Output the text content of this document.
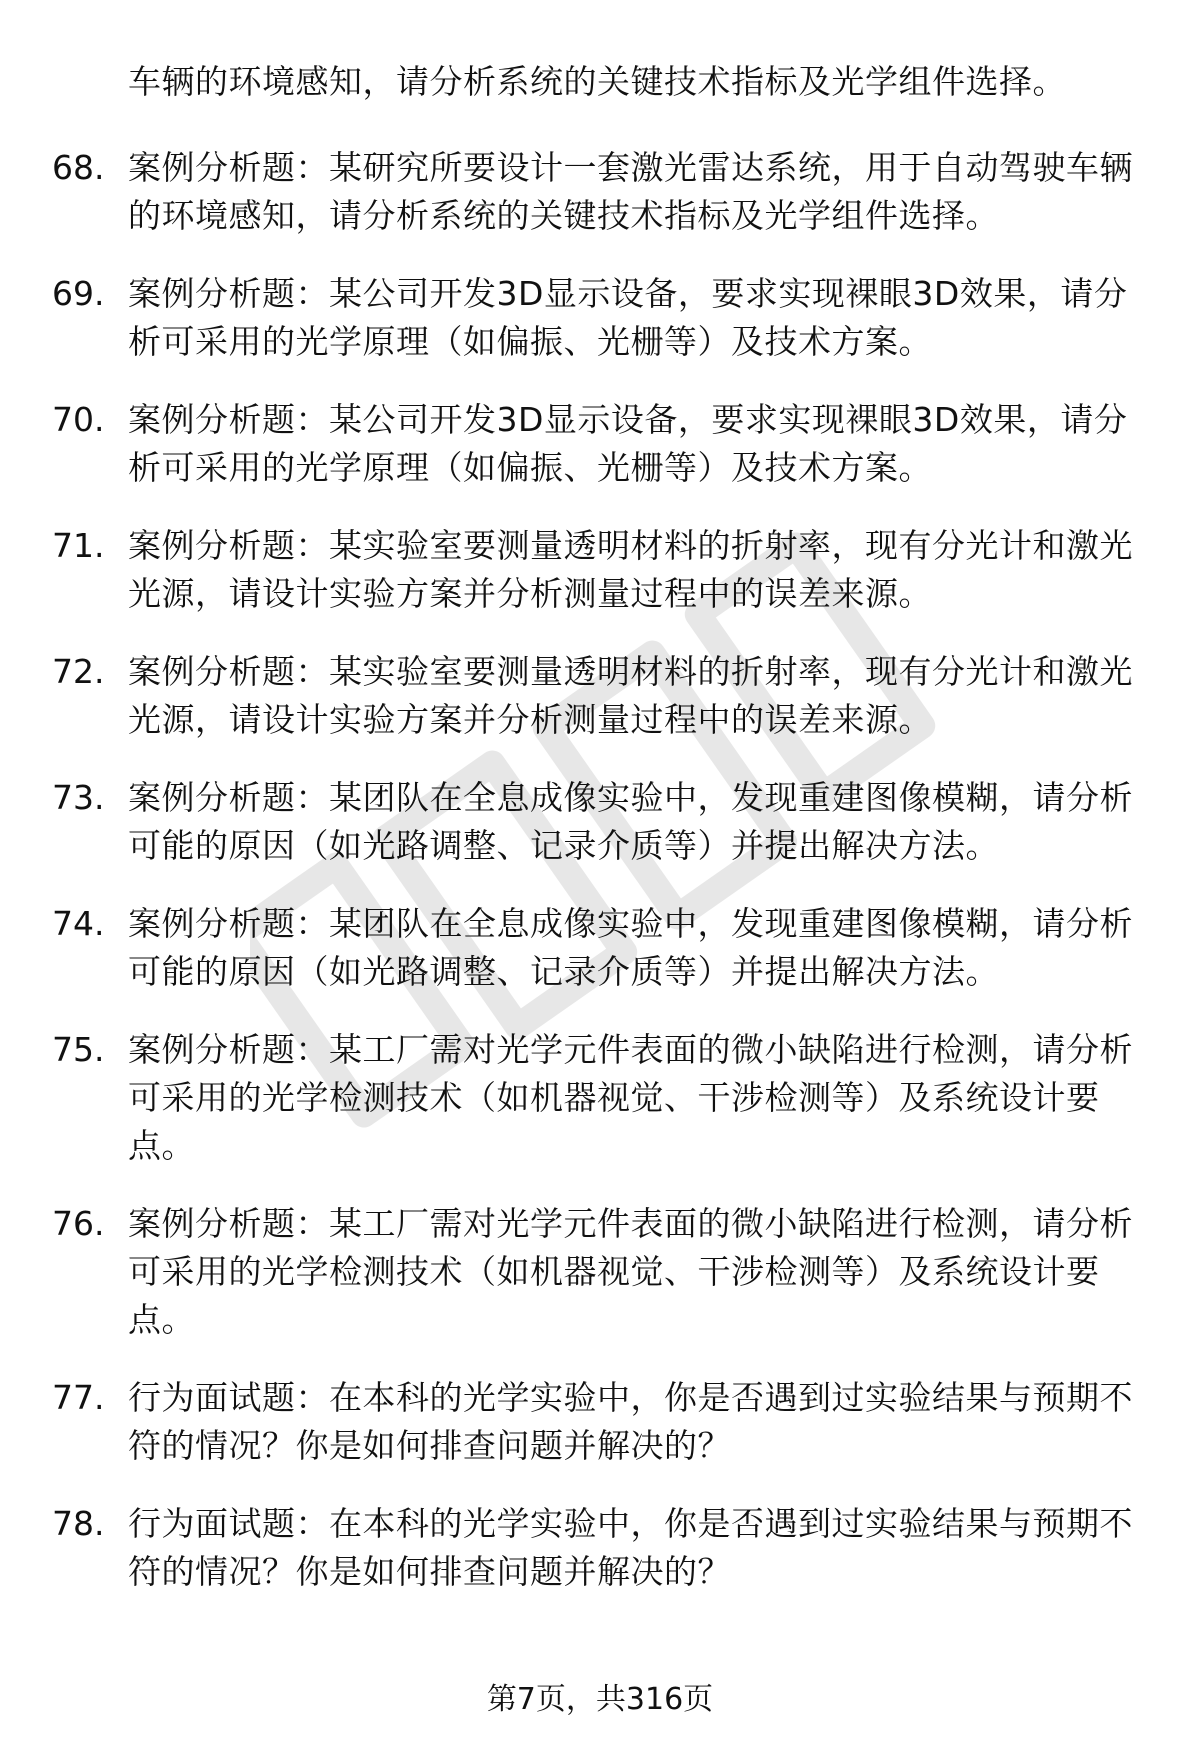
车辆的环境感知，请分析系统的关键技术指标及光学组件选择。
68. 案例分析题：某研究所要设计一套激光雷达系统，用于自动驾驶车辆的环境感知，请分析系统的关键技术指标及光学组件选择。
69. 案例分析题：某公司开发3D显示设备，要求实现裸眼3D效果，请分析可采用的光学原理（如偏振、光栅等）及技术方案。
70. 案例分析题：某公司开发3D显示设备，要求实现裸眼3D效果，请分析可采用的光学原理（如偏振、光栅等）及技术方案。
71. 案例分析题：某实验室要测量透明材料的折射率，现有分光计和激光光源，请设计实验方案并分析测量过程中的误差来源。
72. 案例分析题：某实验室要测量透明材料的折射率，现有分光计和激光光源，请设计实验方案并分析测量过程中的误差来源。
73. 案例分析题：某团队在全息成像实验中，发现重建图像模糊，请分析可能的原因（如光路调整、记录介质等）并提出解决方法。
74. 案例分析题：某团队在全息成像实验中，发现重建图像模糊，请分析可能的原因（如光路调整、记录介质等）并提出解决方法。
75. 案例分析题：某工厂需对光学元件表面的微小缺陷进行检测，请分析可采用的光学检测技术（如机器视觉、干涉检测等）及系统设计要点。
76. 案例分析题：某工厂需对光学元件表面的微小缺陷进行检测，请分析可采用的光学检测技术（如机器视觉、干涉检测等）及系统设计要点。
77. 行为面试题：在本科的光学实验中，你是否遇到过实验结果与预期不符的情况？你是如何排查问题并解决的？
78. 行为面试题：在本科的光学实验中，你是否遇到过实验结果与预期不符的情况？你是如何排查问题并解决的？
第7页，共316页
